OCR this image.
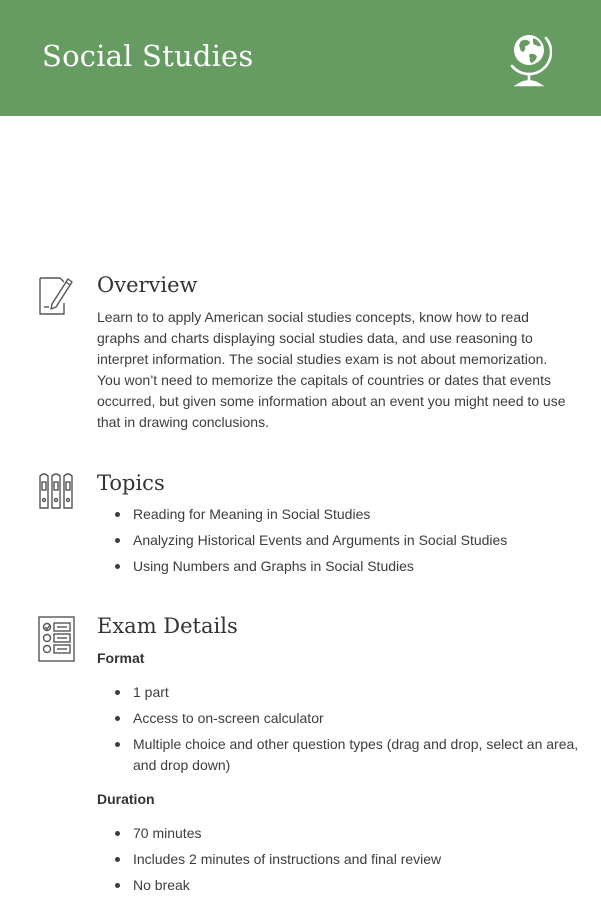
Social Studies
Overview

Learn to to apply American social studies concepts, know how to read graphs and charts displaying social studies data, and use reasoning to interpret information. The social studies exam is not about memorization. You won’t need to memorize the capitals of countries or dates that events occurred, but given some information about an event you might need to use that in drawing conclusions.

Topics
Reading for Meaning in Social Studies
Analyzing Historical Events and Arguments in Social Studies
Using Numbers and Graphs in Social Studies
Exam Details

Format

1 part
Access to on-screen calculator
Multiple choice and other question types (drag and drop, select an area, and drop down)

Duration

70 minutes
Includes 2 minutes of instructions and final review
No break
